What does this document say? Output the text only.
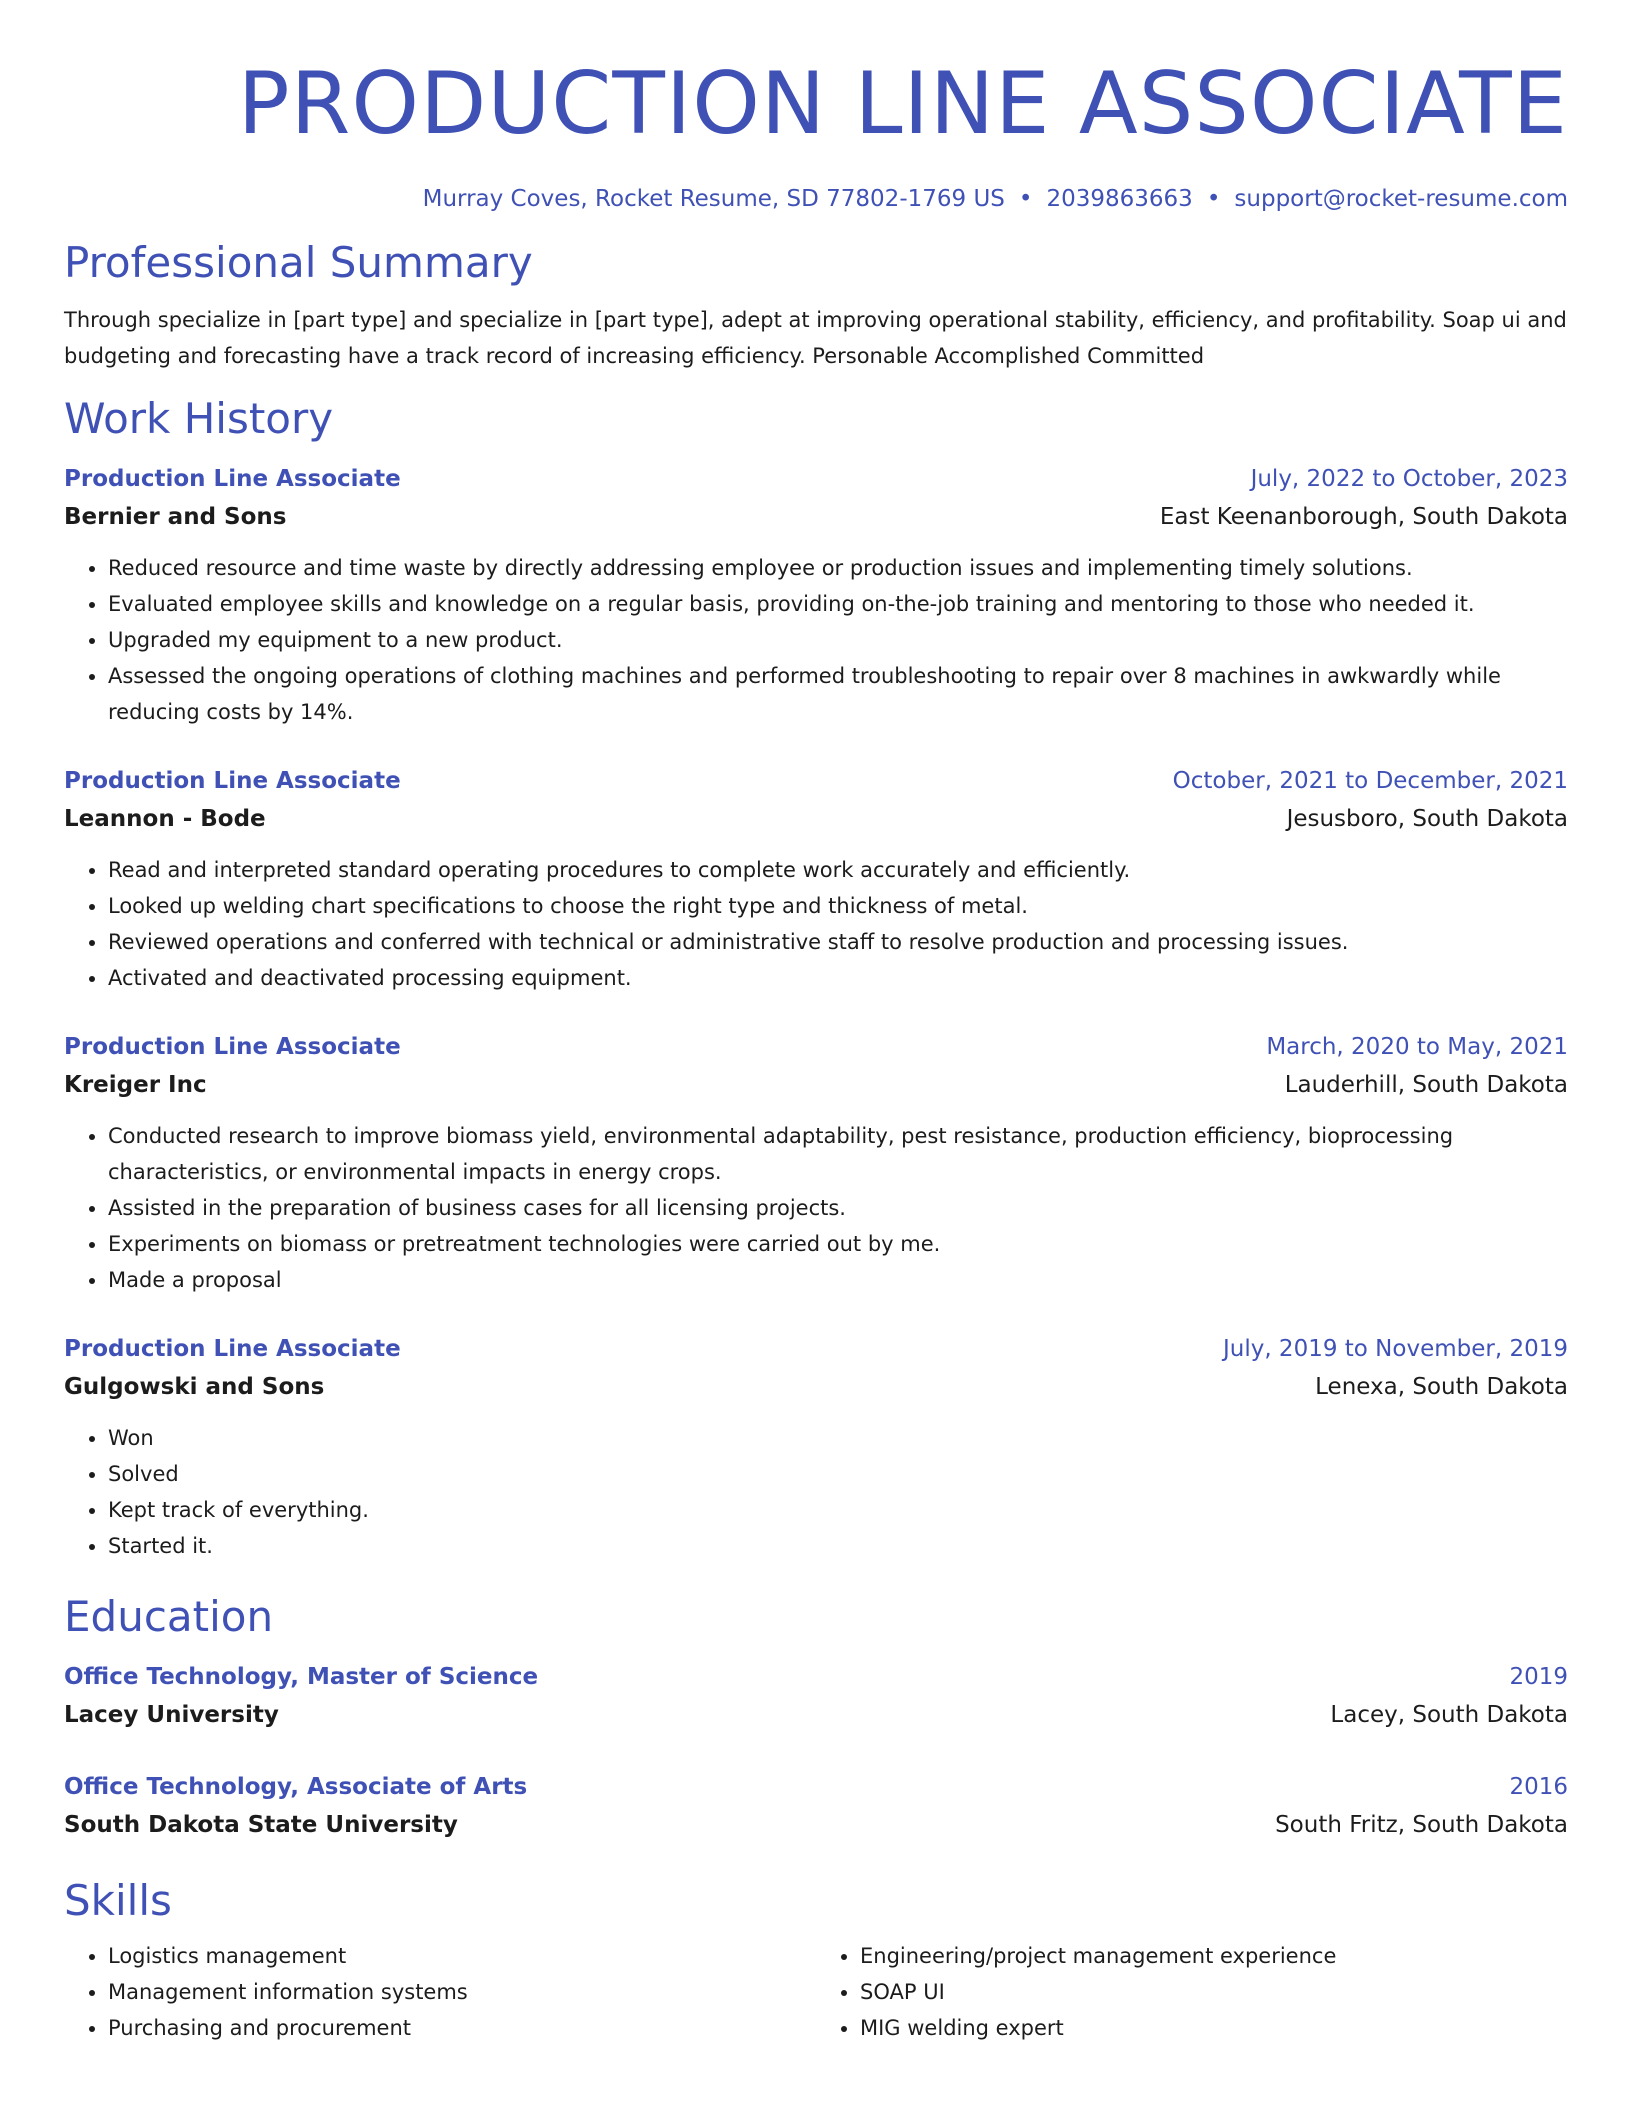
PRODUCTION LINE ASSOCIATE
Murray Coves, Rocket Resume, SD 77802-1769 US • 2039863663 • support@rocket-resume.com
Professional Summary
Through specialize in [part type] and specialize in [part type], adept at improving operational stability, efficiency, and profitability. Soap ui and budgeting and forecasting have a track record of increasing efficiency. Personable Accomplished Committed
Work History
Production Line Associate	July, 2022 to October, 2023
Bernier and Sons	East Keenanborough, South Dakota
• Reduced resource and time waste by directly addressing employee or production issues and implementing timely solutions.
• Evaluated employee skills and knowledge on a regular basis, providing on-the-job training and mentoring to those who needed it.
• Upgraded my equipment to a new product.
• Assessed the ongoing operations of clothing machines and performed troubleshooting to repair over 8 machines in awkwardly while reducing costs by 14%.
Production Line Associate	October, 2021 to December, 2021
Leannon - Bode	Jesusboro, South Dakota
• Read and interpreted standard operating procedures to complete work accurately and efficiently.
• Looked up welding chart specifications to choose the right type and thickness of metal.
• Reviewed operations and conferred with technical or administrative staff to resolve production and processing issues.
• Activated and deactivated processing equipment.
Production Line Associate	March, 2020 to May, 2021
Kreiger Inc	Lauderhill, South Dakota
• Conducted research to improve biomass yield, environmental adaptability, pest resistance, production efficiency, bioprocessing characteristics, or environmental impacts in energy crops.
• Assisted in the preparation of business cases for all licensing projects.
• Experiments on biomass or pretreatment technologies were carried out by me.
• Made a proposal
Production Line Associate	July, 2019 to November, 2019
Gulgowski and Sons	Lenexa, South Dakota
• Won
• Solved
• Kept track of everything.
• Started it.
Education
Office Technology, Master of Science	2019
Lacey University	Lacey, South Dakota
Office Technology, Associate of Arts	2016
South Dakota State University	South Fritz, South Dakota
Skills
• Logistics management
• Management information systems
• Purchasing and procurement
• Engineering/project management experience
• SOAP UI
• MIG welding expert
